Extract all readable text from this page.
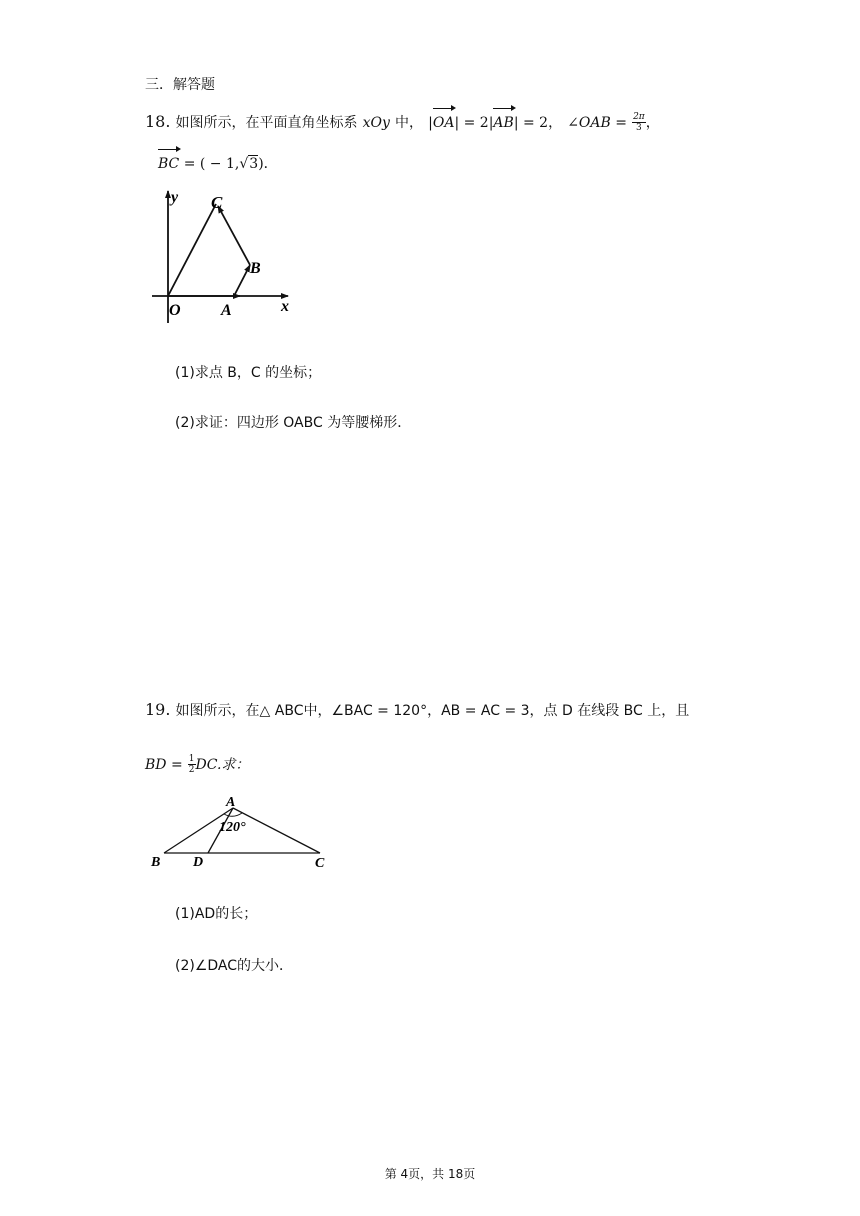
三．解答题
18. 如图所示，在平面直角坐标系 xOy 中， |OA| = 2|AB| = 2， ∠OAB = $\frac{2\pi}{3}$ ，
BC = ( − 1,√3)．
y
x
O	A
B
C
(1)求点 B，C 的坐标；
(2)求证：四边形 OABC 为等腰梯形．
19. 如图所示，在△ ABC中，∠BAC = 120°，AB = AC = 3，点 D 在线段 BC 上，且
BD = $\frac{1}{2}$ DC.求：
A
B D	C
120°
(1)AD的长；
(2)∠DAC的大小．
第 4页，共 18页
